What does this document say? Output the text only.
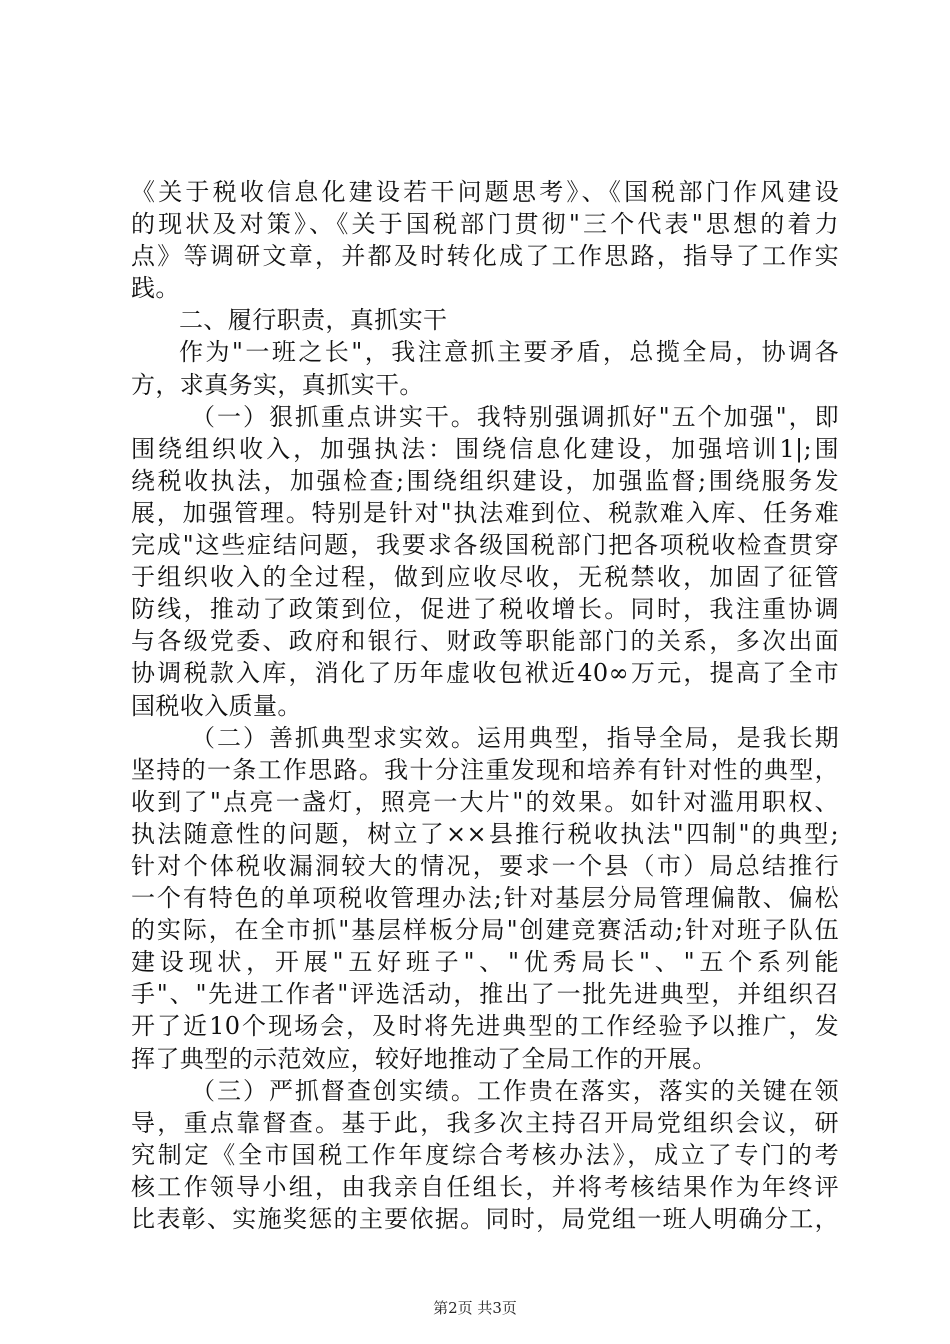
《关于税收信息化建设若干问题思考》、《国税部门作风建设
的现状及对策》、《关于国税部门贯彻"三个代表"思想的着力
点》等调研文章，并都及时转化成了工作思路，指导了工作实
践。
二、履行职责，真抓实干
作为"一班之长"，我注意抓主要矛盾，总揽全局，协调各
方，求真务实，真抓实干。
（一）狠抓重点讲实干。我特别强调抓好"五个加强"，即
围绕组织收入，加强执法：围绕信息化建设，加强培训1|;围
绕税收执法，加强检查;围绕组织建设，加强监督;围绕服务发
展，加强管理。特别是针对"执法难到位、税款难入库、任务难
完成"这些症结问题，我要求各级国税部门把各项税收检查贯穿
于组织收入的全过程，做到应收尽收，无税禁收，加固了征管
防线，推动了政策到位，促进了税收增长。同时，我注重协调
与各级党委、政府和银行、财政等职能部门的关系，多次出面
协调税款入库，消化了历年虚收包袱近40∞万元，提高了全市
国税收入质量。
（二）善抓典型求实效。运用典型，指导全局，是我长期
坚持的一条工作思路。我十分注重发现和培养有针对性的典型，
收到了"点亮一盏灯，照亮一大片"的效果。如针对滥用职权、
执法随意性的问题，树立了××县推行税收执法"四制"的典型;
针对个体税收漏洞较大的情况，要求一个县（市）局总结推行
一个有特色的单项税收管理办法;针对基层分局管理偏散、偏松
的实际，在全市抓"基层样板分局"创建竞赛活动;针对班子队伍
建设现状，开展"五好班子"、"优秀局长"、"五个系列能
手"、"先进工作者"评选活动，推出了一批先进典型，并组织召
开了近10个现场会，及时将先进典型的工作经验予以推广，发
挥了典型的示范效应，较好地推动了全局工作的开展。
（三）严抓督查创实绩。工作贵在落实，落实的关键在领
导，重点靠督查。基于此，我多次主持召开局党组织会议，研
究制定《全市国税工作年度综合考核办法》，成立了专门的考
核工作领导小组，由我亲自任组长，并将考核结果作为年终评
比表彰、实施奖惩的主要依据。同时，局党组一班人明确分工，
第2页 共3页
